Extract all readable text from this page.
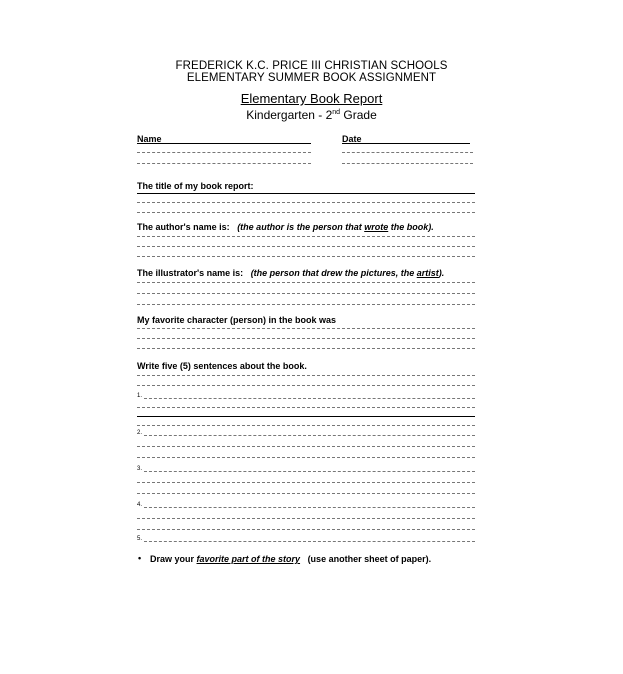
FREDERICK K.C. PRICE III CHRISTIAN SCHOOLS
ELEMENTARY SUMMER BOOK ASSIGNMENT
Elementary Book Report
Kindergarten - 2nd Grade
Name	Date
The title of my book report:
The author's name is: (the author is the person that wrote the book).
The illustrator's name is: (the person that drew the pictures, the artist).
My favorite character (person) in the book was
Write five (5) sentences about the book.
1.
2.
3.
4.
5.
• Draw your favorite part of the story (use another sheet of paper).
